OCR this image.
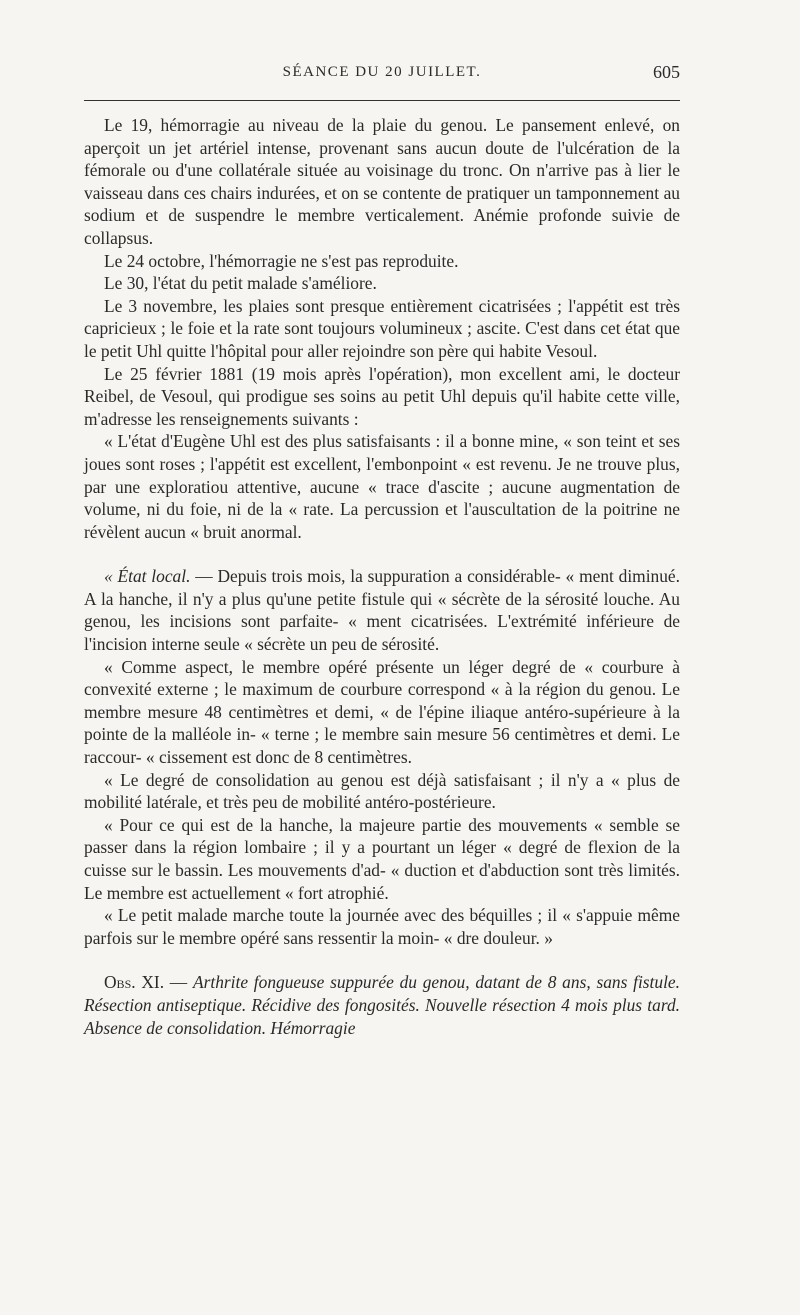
SÉANCE DU 20 JUILLET.	605

Le 19, hémorragie au niveau de la plaie du genou. Le pansement enlevé, on aperçoit un jet artériel intense, provenant sans aucun doute de l'ulcération de la fémorale ou d'une collatérale située au voisinage du tronc. On n'arrive pas à lier le vaisseau dans ces chairs indurées, et on se contente de pratiquer un tamponnement au sodium et de suspendre le membre verticalement. Anémie profonde suivie de collapsus.

Le 24 octobre, l'hémorragie ne s'est pas reproduite.

Le 30, l'état du petit malade s'améliore.

Le 3 novembre, les plaies sont presque entièrement cicatrisées ; l'appétit est très capricieux ; le foie et la rate sont toujours volumineux ; ascite. C'est dans cet état que le petit Uhl quitte l'hôpital pour aller rejoindre son père qui habite Vesoul.

Le 25 février 1881 (19 mois après l'opération), mon excellent ami, le docteur Reibel, de Vesoul, qui prodigue ses soins au petit Uhl depuis qu'il habite cette ville, m'adresse les renseignements suivants :

« L'état d'Eugène Uhl est des plus satisfaisants : il a bonne mine, « son teint et ses joues sont roses ; l'appétit est excellent, l'embonpoint « est revenu. Je ne trouve plus, par une exploratiou attentive, aucune « trace d'ascite ; aucune augmentation de volume, ni du foie, ni de la « rate. La percussion et l'auscultation de la poitrine ne révèlent aucun « bruit anormal.

« État local. — Depuis trois mois, la suppuration a considérable- « ment diminué. A la hanche, il n'y a plus qu'une petite fistule qui « sécrète de la sérosité louche. Au genou, les incisions sont parfaite- « ment cicatrisées. L'extrémité inférieure de l'incision interne seule « sécrète un peu de sérosité.

« Comme aspect, le membre opéré présente un léger degré de « courbure à convexité externe ; le maximum de courbure correspond « à la région du genou. Le membre mesure 48 centimètres et demi, « de l'épine iliaque antéro-supérieure à la pointe de la malléole in- « terne ; le membre sain mesure 56 centimètres et demi. Le raccour- « cissement est donc de 8 centimètres.

« Le degré de consolidation au genou est déjà satisfaisant ; il n'y a « plus de mobilité latérale, et très peu de mobilité antéro-postérieure.

« Pour ce qui est de la hanche, la majeure partie des mouvements « semble se passer dans la région lombaire ; il y a pourtant un léger « degré de flexion de la cuisse sur le bassin. Les mouvements d'ad- « duction et d'abduction sont très limités. Le membre est actuellement « fort atrophié.

« Le petit malade marche toute la journée avec des béquilles ; il « s'appuie même parfois sur le membre opéré sans ressentir la moin- « dre douleur. »

Obs. XI. — Arthrite fongueuse suppurée du genou, datant de 8 ans, sans fistule. Résection antiseptique. Récidive des fongosités. Nouvelle résection 4 mois plus tard. Absence de consolidation. Hémorragie
